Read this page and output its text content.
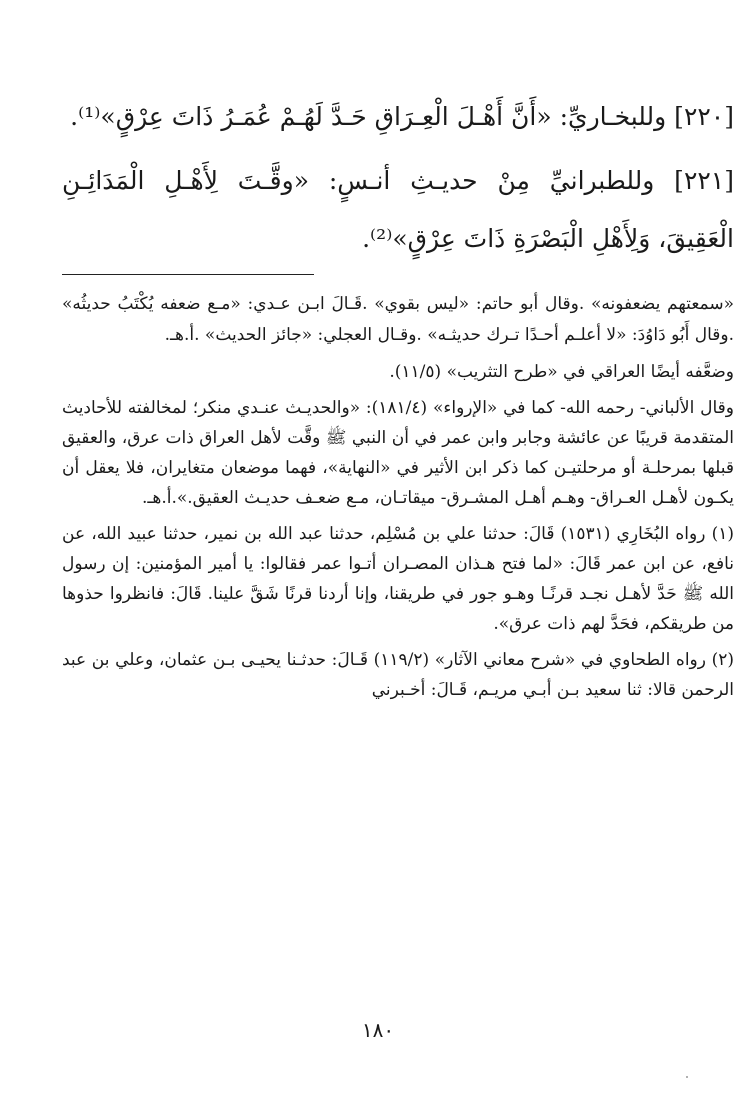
[٢٢٠] وللبخـاريِّ: «أَنَّ أَهْـلَ الْعِـرَاقِ حَـدَّ لَهُـمْ عُمَـرُ ذَاتَ عِرْقٍ»⁽¹⁾.

[٢٢١] وللطبرانيِّ مِنْ حديـثِ أنـسٍ: «وقَّـتَ لِأَهْـلِ الْمَدَائِـنِ الْعَقِيقَ، وَلِأَهْلِ الْبَصْرَةِ ذَاتَ عِرْقٍ»⁽²⁾.

«سمعتهم يضعفونه» .وقال أبو حاتم: «ليس بقوي» .قَـالَ ابـن عـدي: «مـع ضعفه يُكْتَبُ حديثُه» .وقال أَبُو دَاوُدَ: «لا أعلـم أحـدًا تـرك حديثـه» .وقـال العجلي: «جائز الحديث» .أ.هـ.

وضعَّفه أيضًا العراقي في «طرح التثريب» (١١/٥).

وقال الألباني- رحمه الله- كما في «الإرواء» (١٨١/٤): «والحديـث عنـدي منكر؛ لمخالفته للأحاديث المتقدمة قريبًا عن عائشة وجابر وابن عمر في أن النبي ﷺ وقَّت لأهل العراق ذات عرق، والعقيق قبلها بمرحلـة أو مرحلتيـن كما ذكر ابن الأثير في «النهاية»، فهما موضعان متغايران، فلا يعقل أن يكـون لأهـل العـراق- وهـم أهـل المشـرق- ميقاتـان، مـع ضعـف حديـث العقيق.».أ.هـ.

(١) رواه البُخَارِي (١٥٣١) قَالَ: حدثنا علي بن مُسْلِم، حدثنا عبد الله بن نمير، حدثنا عبيد الله، عن نافع، عن ابن عمر قَالَ: «لما فتح هـذان المصـران أتـوا عمر فقالوا: يا أمير المؤمنين: إن رسول الله ﷺ حَدَّ لأهـل نجـد قرنًـا وهـو جور في طريقنا، وإنا أردنا قرنًا شَقَّ علينا. قَالَ: فانظروا حذوها من طريقكم، فحَدَّ لهم ذات عرق».

(٢) رواه الطحاوي في «شرح معاني الآثار» (١١٩/٢) قَـالَ: حدثـنا يحيـى بـن عثمان، وعلي بن عبد الرحمن قالا: ثنا سعيد بـن أبـي مريـم، قَـالَ: أخـبرني

١٨٠
